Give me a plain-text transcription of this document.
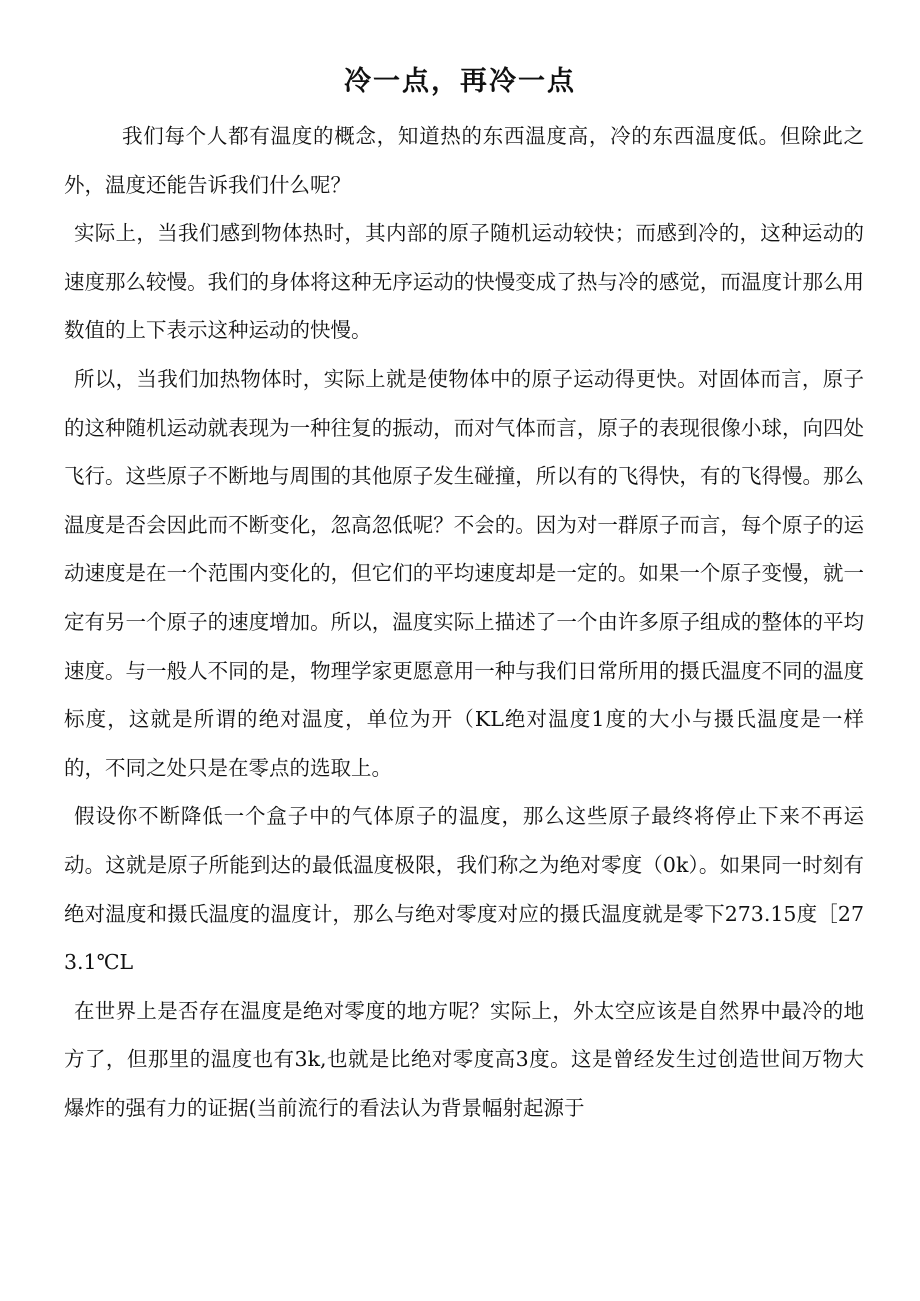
冷一点，再冷一点

我们每个人都有温度的概念，知道热的东西温度高，冷的东西温度低。但除此之外，温度还能告诉我们什么呢？

实际上，当我们感到物体热时，其内部的原子随机运动较快；而感到冷的，这种运动的速度那么较慢。我们的身体将这种无序运动的快慢变成了热与冷的感觉，而温度计那么用数值的上下表示这种运动的快慢。

所以，当我们加热物体时，实际上就是使物体中的原子运动得更快。对固体而言，原子的这种随机运动就表现为一种往复的振动，而对气体而言，原子的表现很像小球，向四处飞行。这些原子不断地与周围的其他原子发生碰撞，所以有的飞得快，有的飞得慢。那么温度是否会因此而不断变化，忽高忽低呢？不会的。因为对一群原子而言，每个原子的运动速度是在一个范围内变化的，但它们的平均速度却是一定的。如果一个原子变慢，就一定有另一个原子的速度增加。所以，温度实际上描述了一个由许多原子组成的整体的平均速度。与一般人不同的是，物理学家更愿意用一种与我们日常所用的摄氏温度不同的温度标度，这就是所谓的绝对温度，单位为开（KL绝对温度1度的大小与摄氏温度是一样的，不同之处只是在零点的选取上。

假设你不断降低一个盒子中的气体原子的温度，那么这些原子最终将停止下来不再运动。这就是原子所能到达的最低温度极限，我们称之为绝对零度（0k）。如果同一时刻有绝对温度和摄氏温度的温度计，那么与绝对零度对应的摄氏温度就是零下273.15度［273.1℃L

在世界上是否存在温度是绝对零度的地方呢？实际上，外太空应该是自然界中最冷的地方了，但那里的温度也有3k,也就是比绝对零度高3度。这是曾经发生过创造世间万物大爆炸的强有力的证据(当前流行的看法认为背景幅射起源于
